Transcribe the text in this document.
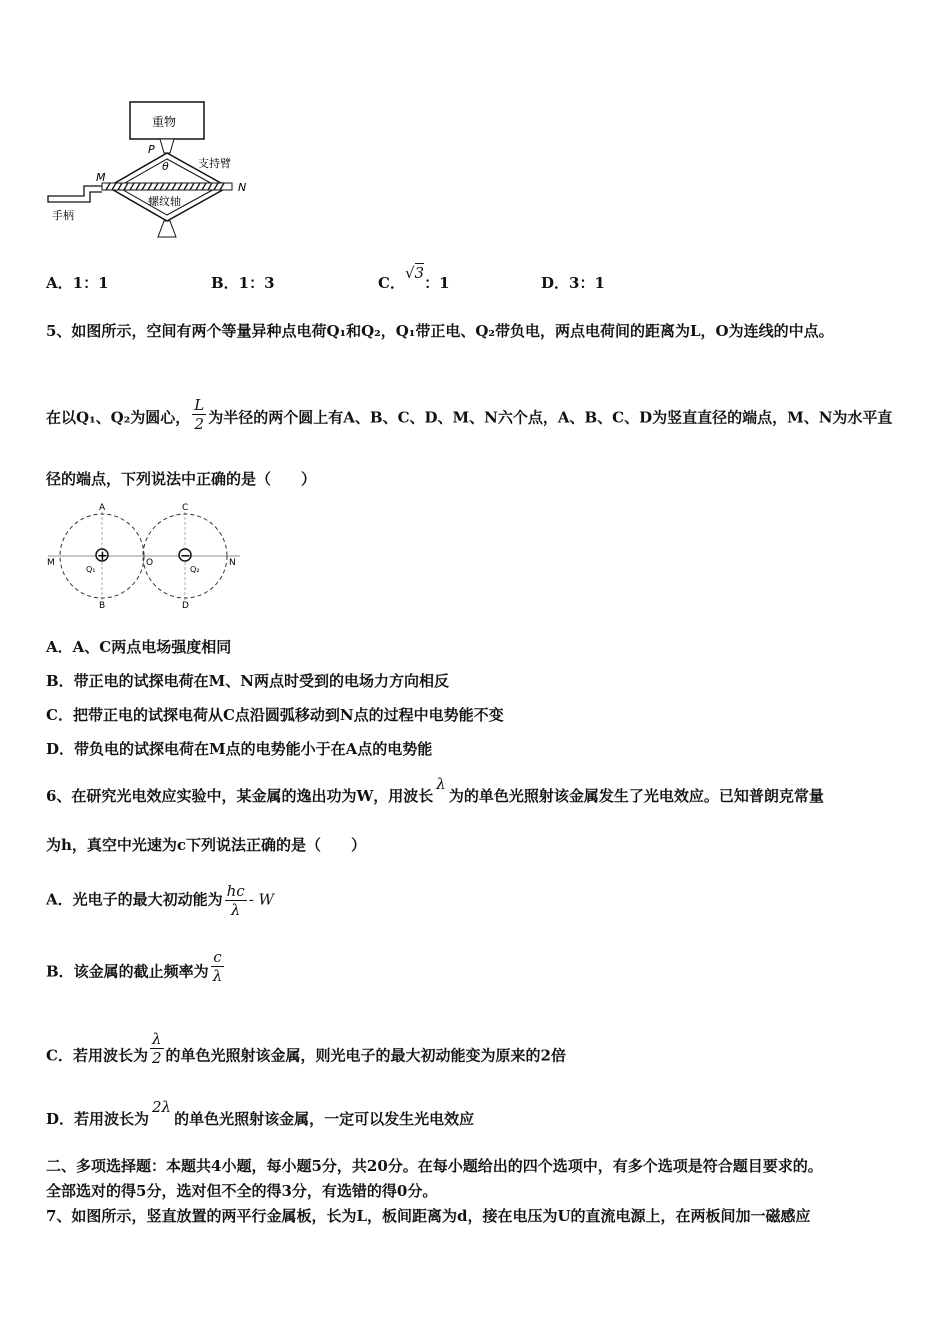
重物
P
θ	支持臂
M
N
螺纹轴
手柄
A．1：1	B．1：3	C．√3：1	D．3：1
5、如图所示，空间有两个等量异种点电荷Q₁和Q₂，Q₁带正电、Q₂带负电，两点电荷间的距离为L，O为连线的中点。
在以Q₁、Q₂为圆心， $\frac{L}{2}$ 为半径的两个圆上有A、B、C、D、M、N六个点，A、B、C、D为竖直直径的端点，M、N为水平直
径的端点，下列说法中正确的是（　　）
+	−
A
B
C
D
M	N
O
Q₁	Q₂
A．A、C两点电场强度相同
B．带正电的试探电荷在M、N两点时受到的电场力方向相反
C．把带正电的试探电荷从C点沿圆弧移动到N点的过程中电势能不变
D．带负电的试探电荷在M点的电势能小于在A点的电势能
6、在研究光电效应实验中，某金属的逸出功为W，用波长λ为的单色光照射该金属发生了光电效应。已知普朗克常量
为h，真空中光速为c下列说法正确的是（　　）
A．光电子的最大初动能为 $\frac{hc}{\lambda}$ - W
B．该金属的截止频率为 $\frac{c}{\lambda}$
C．若用波长为 $\frac{\lambda}{2}$ 的单色光照射该金属，则光电子的最大初动能变为原来的2倍
D．若用波长为2λ的单色光照射该金属，一定可以发生光电效应
二、多项选择题：本题共4小题，每小题5分，共20分。在每小题给出的四个选项中，有多个选项是符合题目要求的。
全部选对的得5分，选对但不全的得3分，有选错的得0分。
7、如图所示，竖直放置的两平行金属板，长为L，板间距离为d，接在电压为U的直流电源上，在两板间加一磁感应
